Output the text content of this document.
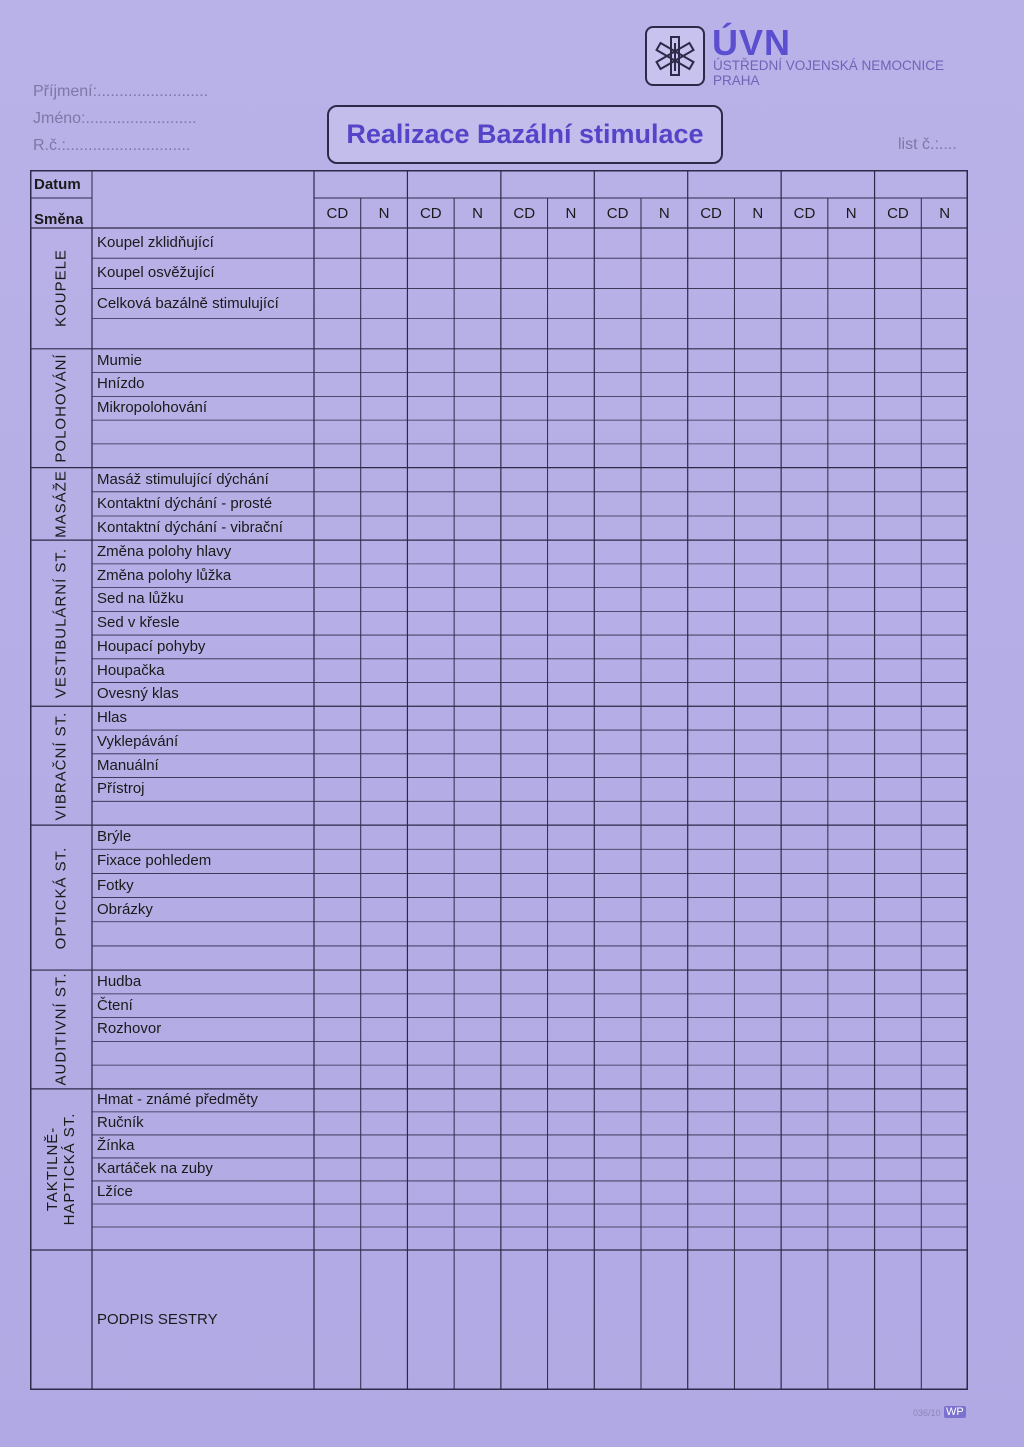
Příjmení:.........................
Jméno:.........................
R.č.:............................
ÚVN
ÚSTŘEDNÍ VOJENSKÁ NEMOCNICE
PRAHA
Realizace Bazální stimulace	list č.:....
Datum
Směna	CD	N	CD	N	CD	N	CD	N	CD	N	CD	N	CD	N
Koupel zklidňující
Koupel osvěžující
Celková bazálně stimulující
KOUPELE
Mumie
Hnízdo
Mikropolohování
POLOHOVÁNÍ
Masáž stimulující dýchání
Kontaktní dýchání - prosté
Kontaktní dýchání - vibrační
MASÁŽE
Změna polohy hlavy
Změna polohy lůžka
Sed na lůžku
Sed v křesle
Houpací pohyby
Houpačka
Ovesný klas
VESTIBULÁRNÍ ST.
Hlas
Vyklepávání
Manuální
Přístroj
VIBRAČNÍ ST.
Brýle
Fixace pohledem
Fotky
Obrázky
OPTICKÁ ST.
Hudba
Čtení
Rozhovor
AUDITIVNÍ ST.
Hmat - známé předměty
Ručník
Žínka
Kartáček na zuby
Lžíce
TAKTILNĚ- HAPTICKÁ ST.
PODPIS SESTRY
036/10 WP
